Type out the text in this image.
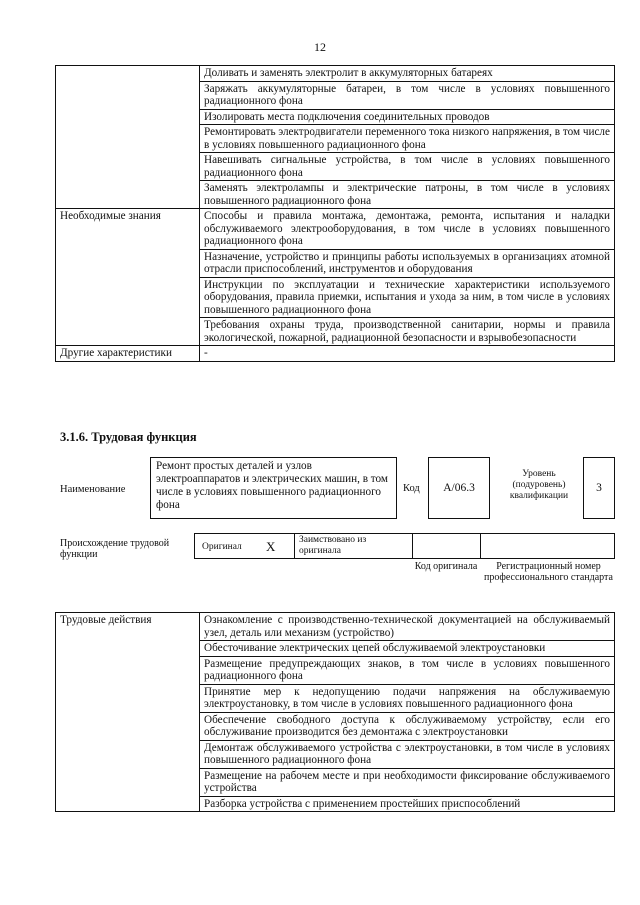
12
	Доливать и заменять электролит в аккумуляторных батареях
	Заряжать аккумуляторные батареи, в том числе в условиях повышенного радиационного фона
	Изолировать места подключения соединительных проводов
	Ремонтировать электродвигатели переменного тока низкого напряжения, в том числе в условиях повышенного радиационного фона
	Навешивать сигнальные устройства, в том числе в условиях повышенного радиационного фона
	Заменять электролампы и электрические патроны, в том числе в условиях повышенного радиационного фона
Необходимые знания	Способы и правила монтажа, демонтажа, ремонта, испытания и наладки обслуживаемого электрооборудования, в том числе в условиях повышенного радиационного фона
	Назначение, устройство и принципы работы используемых в организациях атомной отрасли приспособлений, инструментов и оборудования
	Инструкции по эксплуатации и технические характеристики используемого оборудования, правила приемки, испытания и ухода за ним, в том числе в условиях повышенного радиационного фона
	Требования охраны труда, производственной санитарии, нормы и правила экологической, пожарной, радиационной безопасности и взрывобезопасности
Другие характеристики	-
3.1.6. Трудовая функция
Наименование
Ремонт простых деталей и узлов электроаппаратов и электрических машин, в том числе в условиях повышенного радиационного фона
Код	А/06.3
Уровень (подуровень) квалификации
3
Происхождение трудовой функции
Оригинал X Заимствовано из оригинала
Код оригинала	Регистрационный номер профессионального стандарта
Трудовые действия	Ознакомление с производственно-технической документацией на обслуживаемый узел, деталь или механизм (устройство)
Обесточивание электрических цепей обслуживаемой электроустановки
Размещение предупреждающих знаков, в том числе в условиях повышенного радиационного фона
Принятие мер к недопущению подачи напряжения на обслуживаемую электроустановку, в том числе в условиях повышенного радиационного фона
Обеспечение свободного доступа к обслуживаемому устройству, если его обслуживание производится без демонтажа с электроустановки
Демонтаж обслуживаемого устройства с электроустановки, в том числе в условиях повышенного радиационного фона
Размещение на рабочем месте и при необходимости фиксирование обслуживаемого устройства
Разборка устройства с применением простейших приспособлений
